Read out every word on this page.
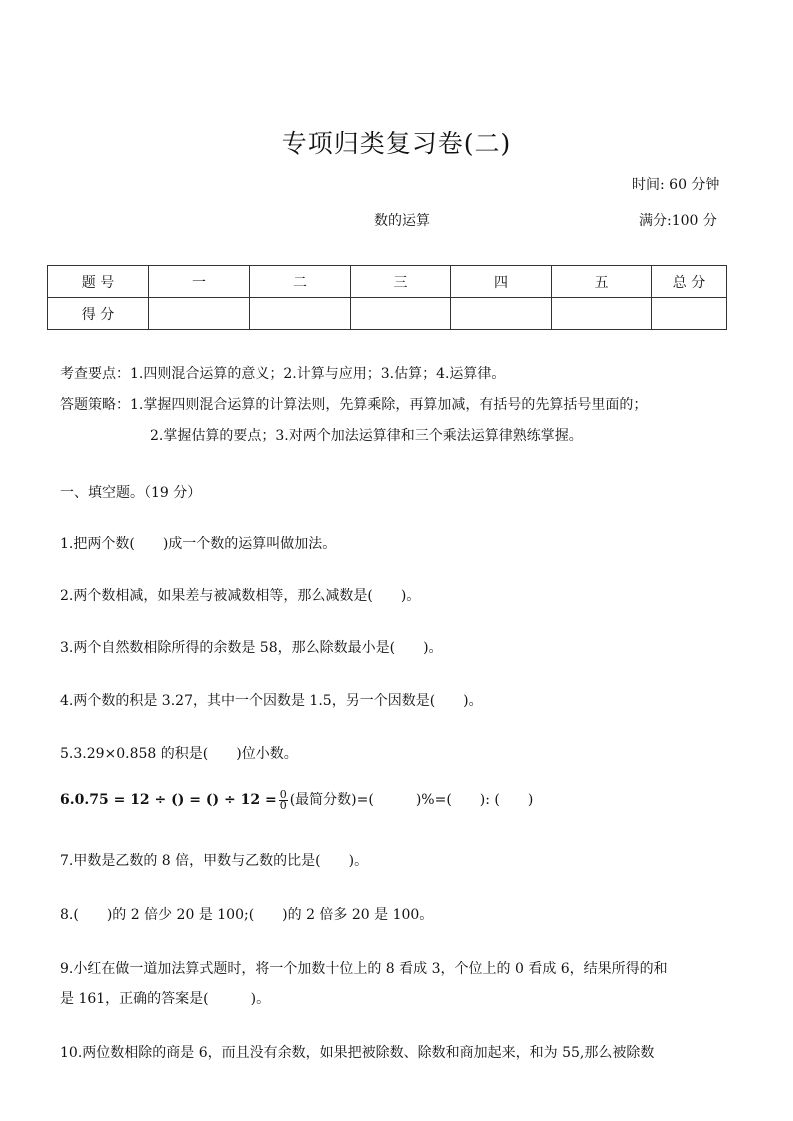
专项归类复习卷(二)
时间: 60 分钟
数的运算	满分:100 分
题 号	一	二	三	四	五	总 分
得 分						
考查要点：1.四则混合运算的意义；2.计算与应用；3.估算；4.运算律。
答题策略：1.掌握四则混合运算的计算法则，先算乘除，再算加减，有括号的先算括号里面的；
2.掌握估算的要点；3.对两个加法运算律和三个乘法运算律熟练掌握。
一、填空题。（19 分）
1.把两个数(　　)成一个数的运算叫做加法。
2.两个数相减，如果差与被减数相等，那么减数是(　　)。
3.两个自然数相除所得的余数是 58，那么除数最小是(　　)。
4.两个数的积是 3.27，其中一个因数是 1.5，另一个因数是(　　)。
5.3.29×0.858 的积是(　　)位小数。
6.0.75 = 12 ÷ () = () ÷ $12 = \frac{0}{0}$ (最简分数)=(　　　)%=(　　): (　　)
7.甲数是乙数的 8 倍，甲数与乙数的比是(　　)。
8.(　　)的 2 倍少 20 是 100;(　　)的 2 倍多 20 是 100。
9.小红在做一道加法算式题时，将一个加数十位上的 8 看成 3，个位上的 0 看成 6，结果所得的和
是 161，正确的答案是(　　　)。
10.两位数相除的商是 6，而且没有余数，如果把被除数、除数和商加起来，和为 55,那么被除数
